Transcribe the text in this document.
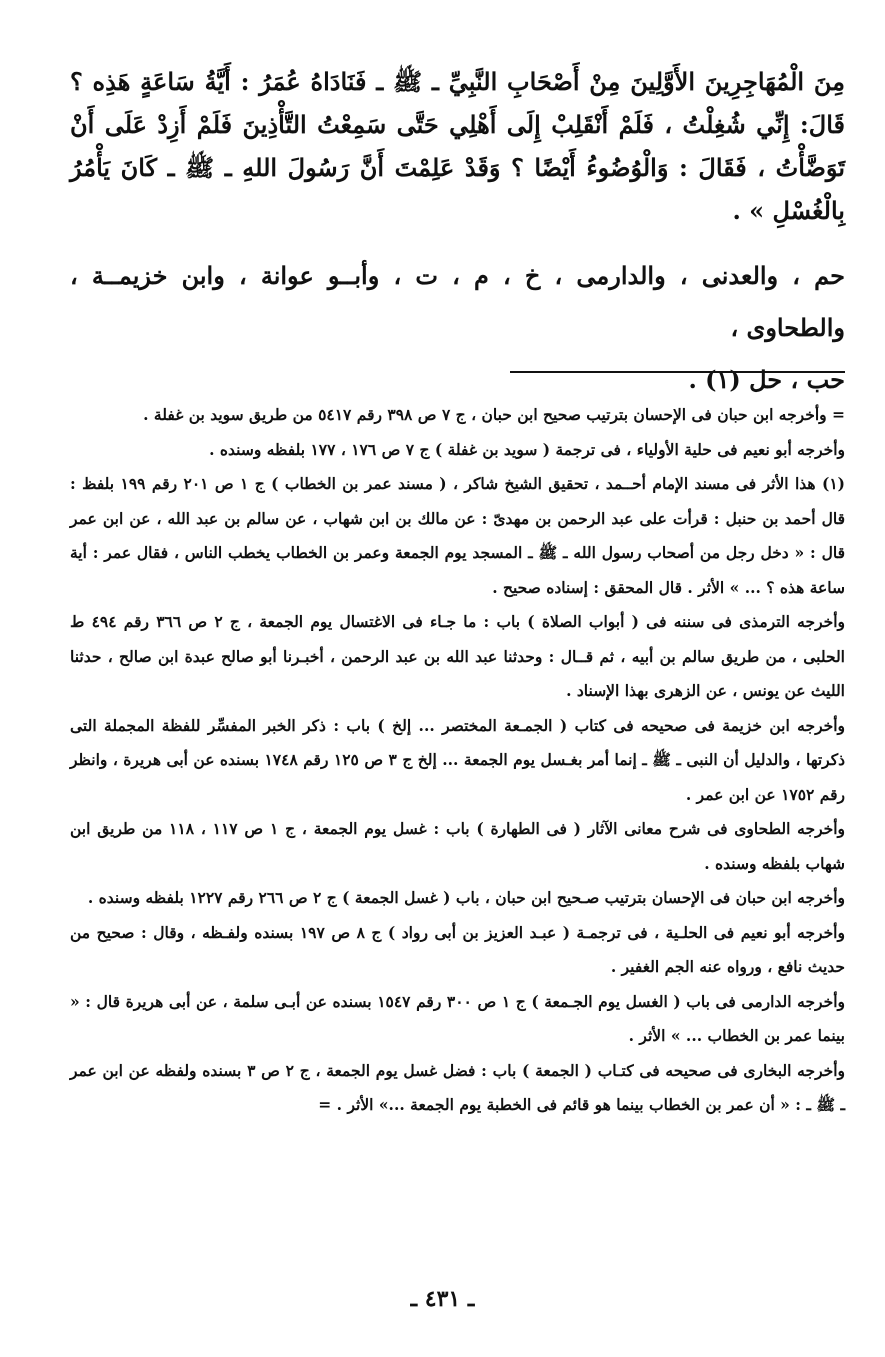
مِنَ الْمُهَاجِرِينَ الأَوَّلِينَ مِنْ أَصْحَابِ النَّبِيِّ ـ ﷺ ـ فَنَادَاهُ عُمَرُ : أَيَّةُ سَاعَةٍ هَذِه ؟ قَالَ: إِنِّي شُغِلْتُ ، فَلَمْ أَنْقَلِبْ إِلَى أَهْلِي حَتَّى سَمِعْتُ التَّأْذِينَ فَلَمْ أَزِدْ عَلَى أَنْ تَوَضَّأْتُ ، فَقَالَ : وَالْوُضُوءُ أَيْضًا ؟ وَقَدْ عَلِمْتَ أَنَّ رَسُولَ اللهِ ـ ﷺ ـ كَانَ يَأْمُرُ بِالْغُسْلِ » .

حم ، والعدنى ، والدارمى ، خ ، م ، ت ، وأبــو عوانة ، وابن خزيمــة ، والطحاوى ،

حب ، حل (١) .

= وأخرجه ابن حبان فى الإحسان بترتيب صحيح ابن حبان ، ج ٧ ص ٣٩٨ رقم ٥٤١٧ من طريق سويد بن غفلة .

وأخرجه أبو نعيم فى حلية الأولياء ، فى ترجمة ( سويد بن غفلة ) ج ٧ ص ١٧٦ ، ١٧٧ بلفظه وسنده .

(١) هذا الأثر فى مسند الإمام أحــمد ، تحقيق الشيخ شاكر ، ( مسند عمر بن الخطاب ) ج ١ ص ٢٠١ رقم ١٩٩ بلفظ : قال أحمد بن حنبل : قرأت على عبد الرحمن بن مهدىّ : عن مالك بن ابن شهاب ، عن سالم بن عبد الله ، عن ابن عمر قال : « دخل رجل من أصحاب رسول الله ـ ﷺ ـ المسجد يوم الجمعة وعمر بن الخطاب يخطب الناس ، فقال عمر : أية ساعة هذه ؟ ... » الأثر . قال المحقق : إسناده صحيح .

وأخرجه الترمذى فى سننه فى ( أبواب الصلاة ) باب : ما جـاء فى الاغتسال يوم الجمعة ، ج ٢ ص ٣٦٦ رقم ٤٩٤ ط الحلبى ، من طريق سالم بن أبيه ، ثم قــال : وحدثنا عبد الله بن عبد الرحمن ، أخبـرنا أبو صالح عبدة ابن صالح ، حدثنا الليث عن يونس ، عن الزهرى بهذا الإسناد .

وأخرجه ابن خزيمة فى صحيحه فى كتاب ( الجمـعة المختصر ... إلخ ) باب : ذكر الخبر المفسِّر للفظة المجملة التى ذكرتها ، والدليل أن النبى ـ ﷺ ـ إنما أمر بغـسل يوم الجمعة ... إلخ ج ٣ ص ١٢٥ رقم ١٧٤٨ بسنده عن أبى هريرة ، وانظر رقم ١٧٥٢ عن ابن عمر .

وأخرجه الطحاوى فى شرح معانى الآثار ( فى الطهارة ) باب : غسل يوم الجمعة ، ج ١ ص ١١٧ ، ١١٨ من طريق ابن شهاب بلفظه وسنده .

وأخرجه ابن حبان فى الإحسان بترتيب صـحيح ابن حبان ، باب ( غسل الجمعة ) ج ٢ ص ٢٦٦ رقم ١٢٢٧ بلفظه وسنده .

وأخرجه أبو نعيم فى الحلـية ، فى ترجمـة ( عبـد العزيز بن أبى رواد ) ج ٨ ص ١٩٧ بسنده ولفـظه ، وقال : صحيح من حديث نافع ، ورواه عنه الجم الغفير .

وأخرجه الدارمى فى باب ( الغسل يوم الجـمعة ) ج ١ ص ٣٠٠ رقم ١٥٤٧ بسنده عن أبـى سلمة ، عن أبى هريرة قال : « بينما عمر بن الخطاب ... » الأثر .

وأخرجه البخارى فى صحيحه فى كتـاب ( الجمعة ) باب : فضل غسل يوم الجمعة ، ج ٢ ص ٣ بسنده ولفظه عن ابن عمر ـ ﷺ ـ : « أن عمر بن الخطاب بينما هو قائم فى الخطبة يوم الجمعة ...» الأثر . =

ـ ٤٣١ ـ
